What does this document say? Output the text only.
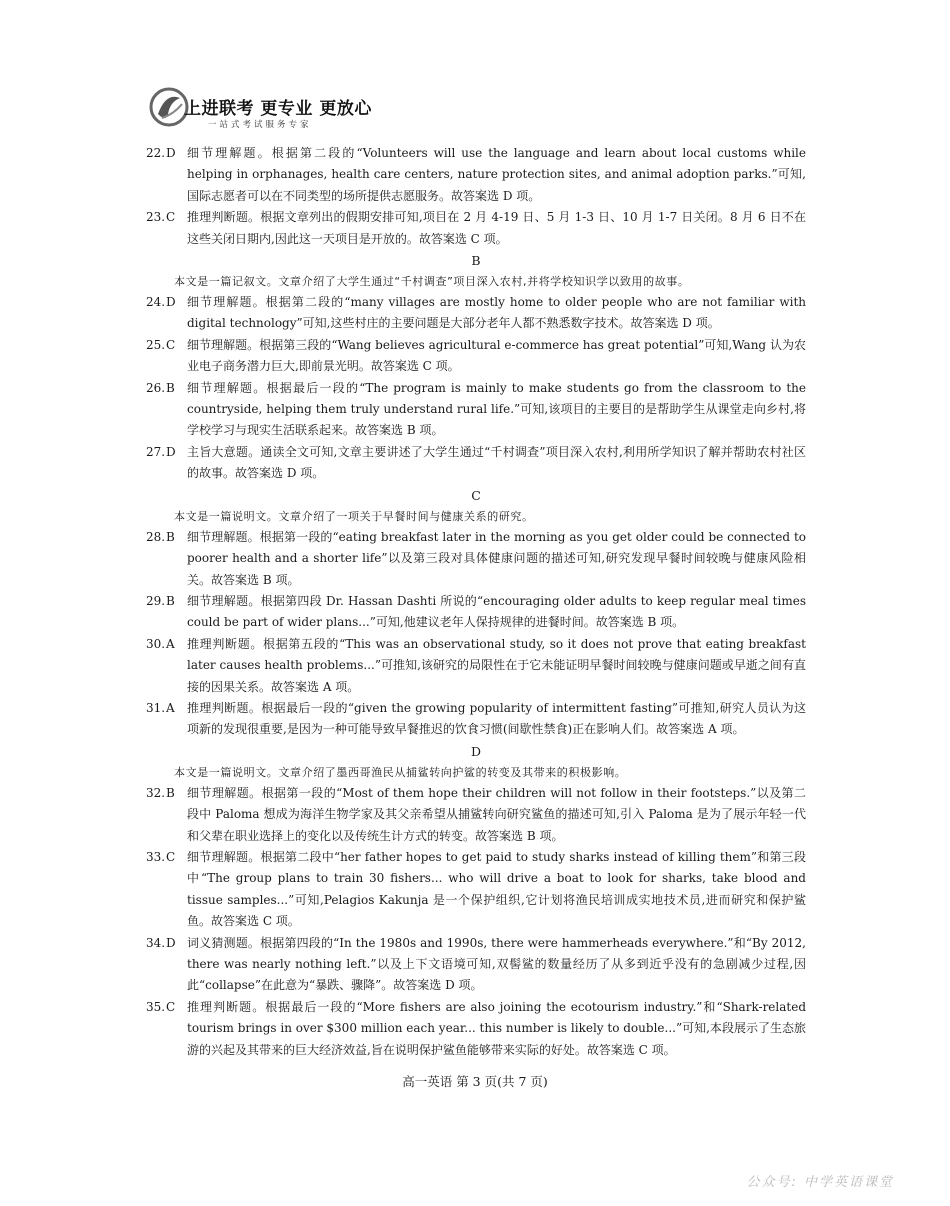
上进联考 更专业 更放心
一站式考试服务专家
22. D 细节理解题。根据第二段的“Volunteers will use the language and learn about local customs while helping in orphanages, health care centers, nature protection sites, and animal adoption parks.”可知,国际志愿者可以在不同类型的场所提供志愿服务。故答案选 D 项。
23. C 推理判断题。根据文章列出的假期安排可知,项目在 2 月 4-19 日、5 月 1-3 日、10 月 1-7 日关闭。8 月 6 日不在这些关闭日期内,因此这一天项目是开放的。故答案选 C 项。
B
本文是一篇记叙文。文章介绍了大学生通过“千村调查”项目深入农村,并将学校知识学以致用的故事。
24. D 细节理解题。根据第二段的“many villages are mostly home to older people who are not familiar with digital technology”可知,这些村庄的主要问题是大部分老年人都不熟悉数字技术。故答案选 D 项。
25. C 细节理解题。根据第三段的“Wang believes agricultural e-commerce has great potential”可知,Wang 认为农业电子商务潜力巨大,即前景光明。故答案选 C 项。
26. B	细节理解题。根据最后一段的“The program is mainly to make students go from the classroom to the countryside, helping them truly understand rural life.”可知,该项目的主要目的是帮助学生从课堂走向乡村,将学校学习与现实生活联系起来。故答案选 B 项。
27. D 主旨大意题。通读全文可知,文章主要讲述了大学生通过“千村调查”项目深入农村,利用所学知识了解并帮助农村社区的故事。故答案选 D 项。
C
本文是一篇说明文。文章介绍了一项关于早餐时间与健康关系的研究。
28. B	细节理解题。根据第一段的“eating breakfast later in the morning as you get older could be connected to poorer health and a shorter life”以及第三段对具体健康问题的描述可知,研究发现早餐时间较晚与健康风险相关。故答案选 B 项。
29. B	细节理解题。根据第四段 Dr. Hassan Dashti 所说的“encouraging older adults to keep regular meal times could be part of wider plans...”可知,他建议老年人保持规律的进餐时间。故答案选 B 项。
30. A	推理判断题。根据第五段的“This was an observational study, so it does not prove that eating breakfast later causes health problems...”可推知,该研究的局限性在于它未能证明早餐时间较晚与健康问题或早逝之间有直接的因果关系。故答案选 A 项。
31. A	推理判断题。根据最后一段的“given the growing popularity of intermittent fasting”可推知,研究人员认为这项新的发现很重要,是因为一种可能导致早餐推迟的饮食习惯(间歇性禁食)正在影响人们。故答案选 A 项。
D
本文是一篇说明文。文章介绍了墨西哥渔民从捕鲨转向护鲨的转变及其带来的积极影响。
32. B	细节理解题。根据第一段的“Most of them hope their children will not follow in their footsteps.”以及第二段中 Paloma 想成为海洋生物学家及其父亲希望从捕鲨转向研究鲨鱼的描述可知,引入 Paloma 是为了展示年轻一代和父辈在职业选择上的变化以及传统生计方式的转变。故答案选 B 项。
33. C 细节理解题。根据第二段中“her father hopes to get paid to study sharks instead of killing them”和第三段中“The group plans to train 30 fishers... who will drive a boat to look for sharks, take blood and tissue samples...”可知,Pelagios Kakunja 是一个保护组织,它计划将渔民培训成实地技术员,进而研究和保护鲨鱼。故答案选 C 项。
34. D 词义猜测题。根据第四段的“In the 1980s and 1990s, there were hammerheads everywhere.”和“By 2012, there was nearly nothing left.”以及上下文语境可知,双髻鲨的数量经历了从多到近乎没有的急剧减少过程,因此“collapse”在此意为“暴跌、骤降”。故答案选 D 项。
35. C 推理判断题。根据最后一段的“More fishers are also joining the ecotourism industry.”和“Shark-related tourism brings in over $300 million each year... this number is likely to double...”可知,本段展示了生态旅游的兴起及其带来的巨大经济效益,旨在说明保护鲨鱼能够带来实际的好处。故答案选 C 项。
高一英语 第 3 页(共 7 页)
公众号: 中学英语课堂
